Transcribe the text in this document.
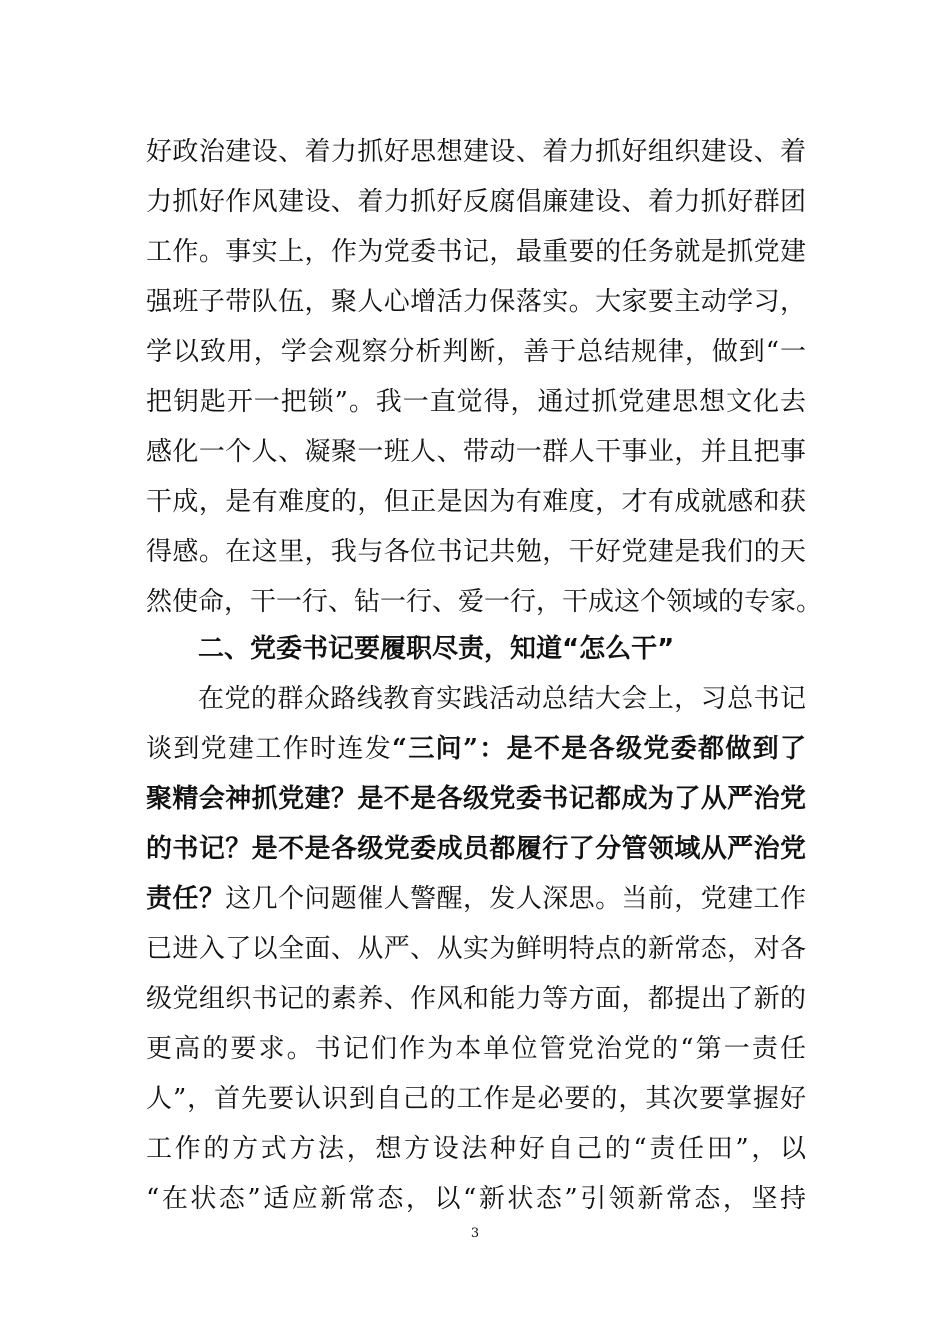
好政治建设、着力抓好思想建设、着力抓好组织建设、着
力抓好作风建设、着力抓好反腐倡廉建设、着力抓好群团
工作。事实上，作为党委书记，最重要的任务就是抓党建
强班子带队伍，聚人心增活力保落实。大家要主动学习，
学以致用，学会观察分析判断，善于总结规律，做到“一
把钥匙开一把锁”。我一直觉得，通过抓党建思想文化去
感化一个人、凝聚一班人、带动一群人干事业，并且把事
干成，是有难度的，但正是因为有难度，才有成就感和获
得感。在这里，我与各位书记共勉，干好党建是我们的天
然使命，干一行、钻一行、爱一行，干成这个领域的专家。
二、党委书记要履职尽责，知道“怎么干”
在党的群众路线教育实践活动总结大会上，习总书记
谈到党建工作时连发“三问”：是不是各级党委都做到了
聚精会神抓党建？是不是各级党委书记都成为了从严治党
的书记？是不是各级党委成员都履行了分管领域从严治党
责任？这几个问题催人警醒，发人深思。当前，党建工作
已进入了以全面、从严、从实为鲜明特点的新常态，对各
级党组织书记的素养、作风和能力等方面，都提出了新的
更高的要求。书记们作为本单位管党治党的“第一责任
人”，首先要认识到自己的工作是必要的，其次要掌握好
工作的方式方法，想方设法种好自己的“责任田”，以
“在状态”适应新常态，以“新状态”引领新常态，坚持
3
